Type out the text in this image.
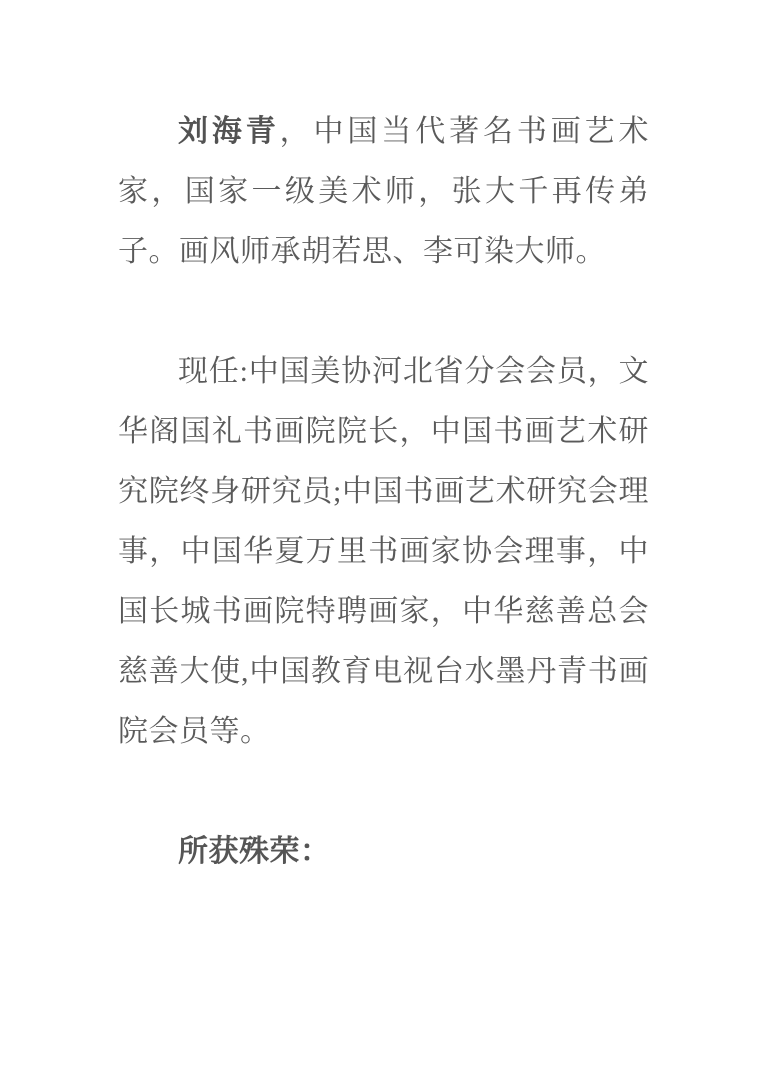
刘海青，中国当代著名书画艺术家，国家一级美术师，张大千再传弟子。画风师承胡若思、李可染大师。

现任:中国美协河北省分会会员，文华阁国礼书画院院长，中国书画艺术研究院终身研究员;中国书画艺术研究会理事，中国华夏万里书画家协会理事，中国长城书画院特聘画家，中华慈善总会慈善大使,中国教育电视台水墨丹青书画院会员等。

所获殊荣：
